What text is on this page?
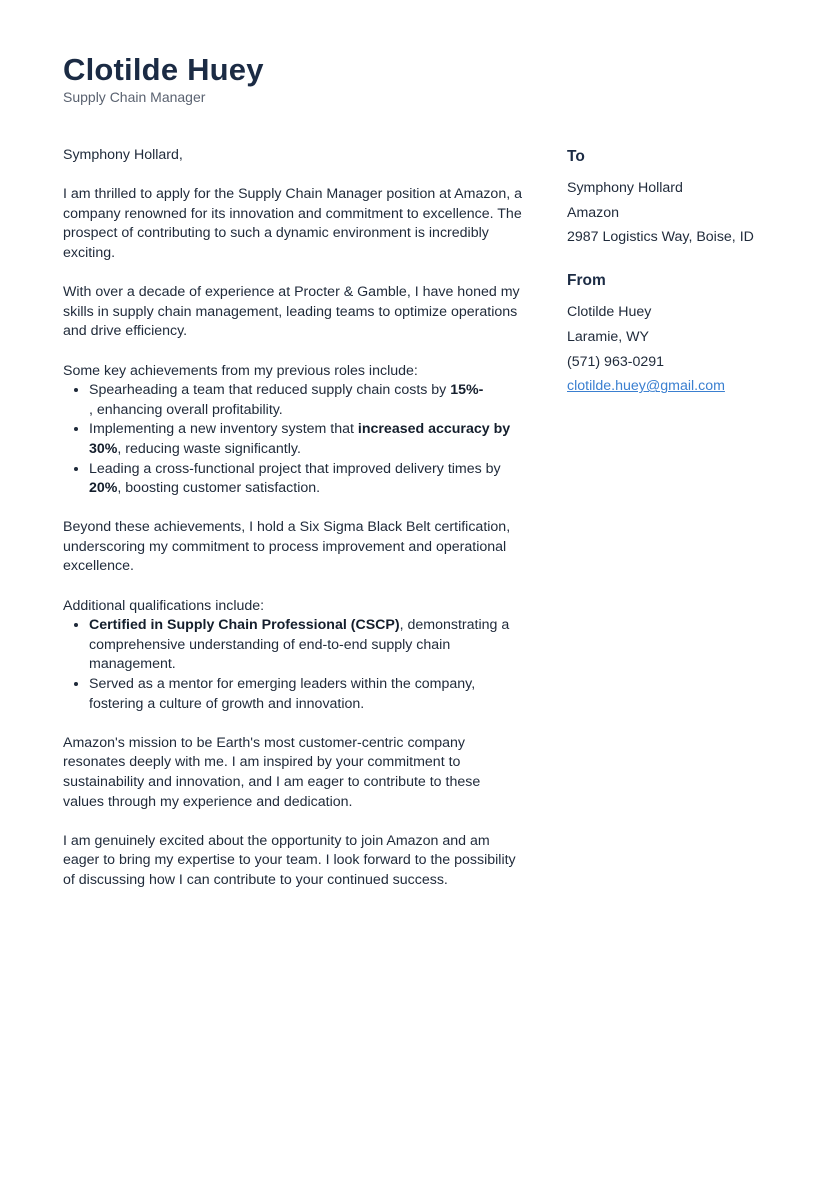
Clotilde Huey
Supply Chain Manager

Symphony Hollard,

I am thrilled to apply for the Supply Chain Manager position at Amazon, a company renowned for its innovation and commitment to excellence. The prospect of contributing to such a dynamic environment is incredibly exciting.

With over a decade of experience at Procter & Gamble, I have honed my skills in supply chain management, leading teams to optimize operations and drive efficiency.

Some key achievements from my previous roles include:
• Spearheading a team that reduced supply chain costs by 15%-
, enhancing overall profitability.
• Implementing a new inventory system that increased accuracy by 30%, reducing waste significantly.
• Leading a cross-functional project that improved delivery times by 20%, boosting customer satisfaction.

Beyond these achievements, I hold a Six Sigma Black Belt certification, underscoring my commitment to process improvement and operational excellence.

Additional qualifications include:
• Certified in Supply Chain Professional (CSCP), demonstrating a comprehensive understanding of end-to-end supply chain management.
• Served as a mentor for emerging leaders within the company, fostering a culture of growth and innovation.

Amazon's mission to be Earth's most customer-centric company resonates deeply with me. I am inspired by your commitment to sustainability and innovation, and I am eager to contribute to these values through my experience and dedication.

I am genuinely excited about the opportunity to join Amazon and am eager to bring my expertise to your team. I look forward to the possibility of discussing how I can contribute to your continued success.

To
Symphony Hollard
Amazon
2987 Logistics Way, Boise, ID
From
Clotilde Huey
Laramie, WY
(571) 963-0291
clotilde.huey@gmail.com
